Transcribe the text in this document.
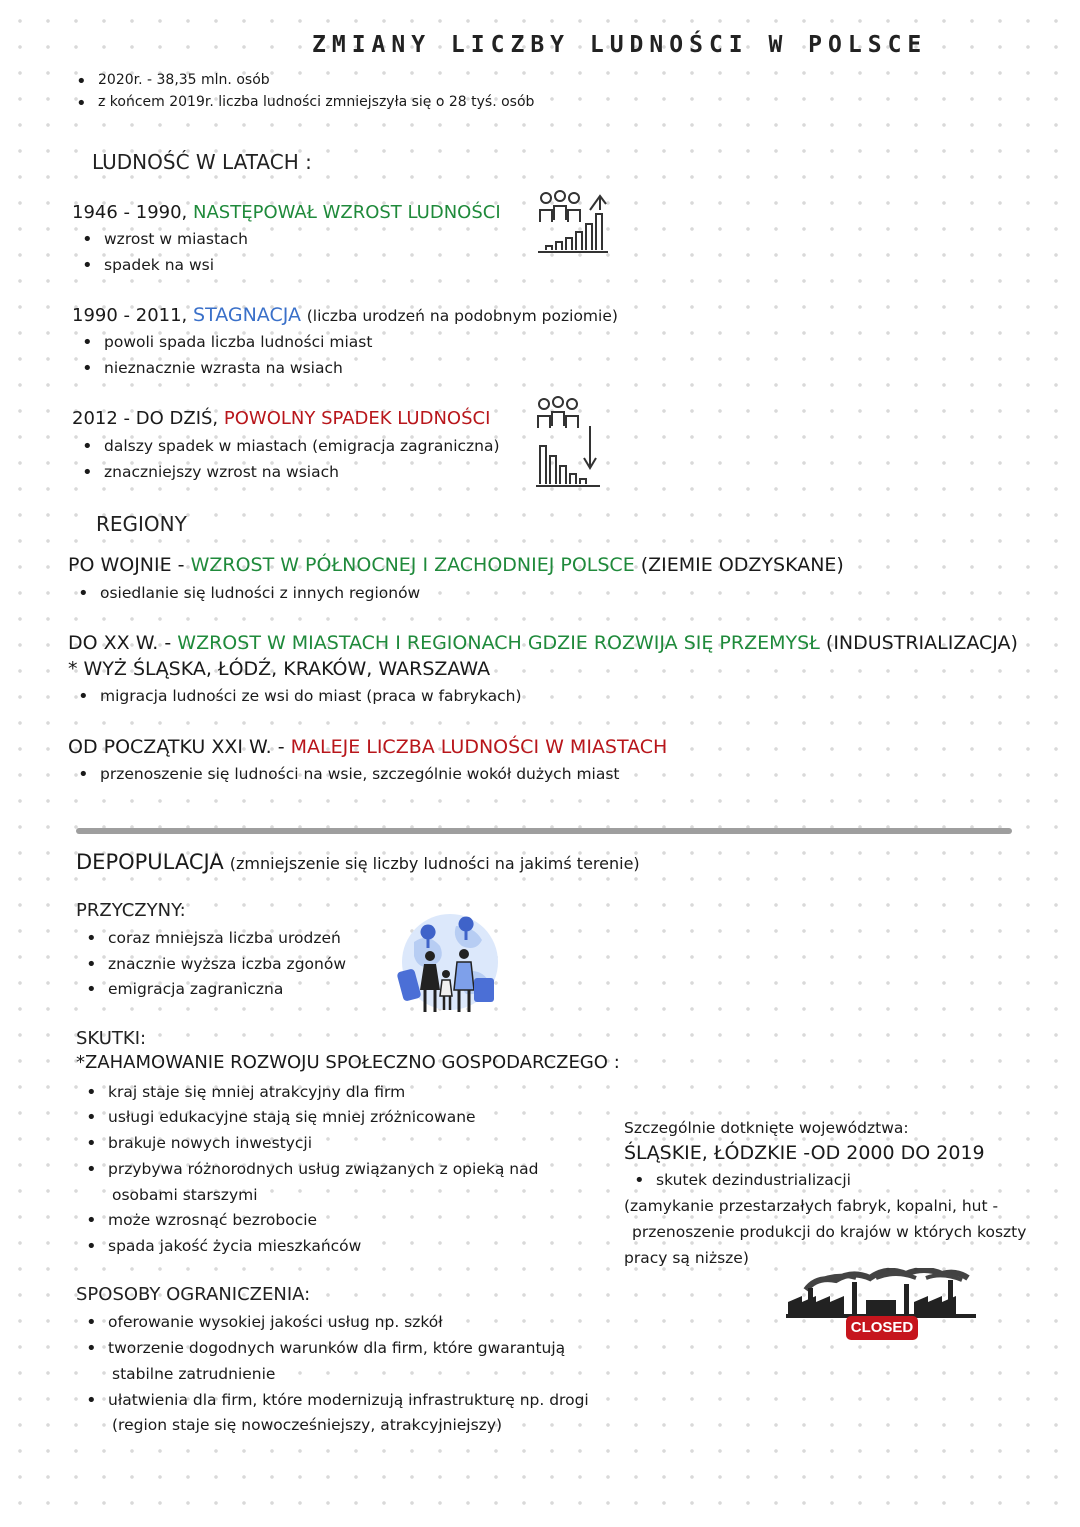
ZMIANY LICZBY LUDNOŚCI W POLSCE
• 2020r. - 38,35 mln. osób
• z końcem 2019r. liczba ludności zmniejszyła się o 28 tyś. osób
LUDNOŚĆ W LATACH :
1946 - 1990, NASTĘPOWAŁ WZROST LUDNOŚCI
• wzrost w miastach
• spadek na wsi
1990 - 2011, STAGNACJA (liczba urodzeń na podobnym poziomie)
• powoli spada liczba ludności miast
• nieznacznie wzrasta na wsiach
2012 - DO DZIŚ, POWOLNY SPADEK LUDNOŚCI
• dalszy spadek w miastach (emigracja zagraniczna)
• znaczniejszy wzrost na wsiach
REGIONY
PO WOJNIE - WZROST W PÓŁNOCNEJ I ZACHODNIEJ POLSCE (ZIEMIE ODZYSKANE)
• osiedlanie się ludności z innych regionów
DO XX W. - WZROST W MIASTACH I REGIONACH GDZIE ROZWIJA SIĘ PRZEMYSŁ (INDUSTRIALIZACJA)
* WYŻ ŚLĄSKA, ŁÓDŹ, KRAKÓW, WARSZAWA
• migracja ludności ze wsi do miast (praca w fabrykach)
OD POCZĄTKU XXI W. - MALEJE LICZBA LUDNOŚCI W MIASTACH
• przenoszenie się ludności na wsie, szczególnie wokół dużych miast
DEPOPULACJA (zmniejszenie się liczby ludności na jakimś terenie)
PRZYCZYNY:
• coraz mniejsza liczba urodzeń
• znacznie wyższa iczba zgonów
• emigracja zagraniczna
SKUTKI:
*ZAHAMOWANIE ROZWOJU SPOŁECZNO GOSPODARCZEGO :
• kraj staje się mniej atrakcyjny dla firm
• usługi edukacyjne stają się mniej zróżnicowane
• brakuje nowych inwestycji
• przybywa różnorodnych usług związanych z opieką nad
osobami starszymi
• może wzrosnąć bezrobocie
• spada jakość życia mieszkańców
SPOSOBY OGRANICZENIA:
• oferowanie wysokiej jakości usług np. szkół
• tworzenie dogodnych warunków dla firm, które gwarantują
stabilne zatrudnienie
• ułatwienia dla firm, które modernizują infrastrukturę np. drogi
(region staje się nowocześniejszy, atrakcyjniejszy)
Szczególnie dotknięte województwa:
ŚLĄSKIE, ŁÓDZKIE -OD 2000 DO 2019
• skutek dezindustrializacji
(zamykanie przestarzałych fabryk, kopalni, hut -
przenoszenie produkcji do krajów w których koszty
pracy są niższe)
CLOSED
